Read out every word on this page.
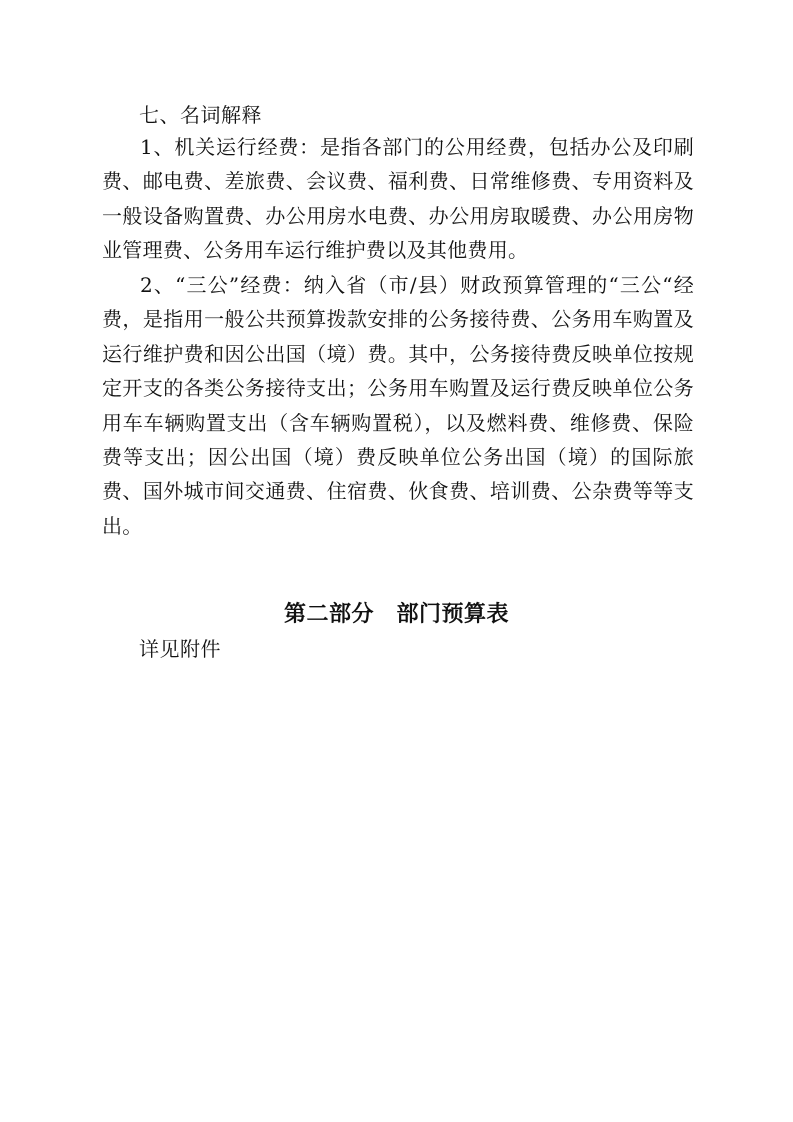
七、名词解释

1、机关运行经费：是指各部门的公用经费，包括办公及印刷费、邮电费、差旅费、会议费、福利费、日常维修费、专用资料及一般设备购置费、办公用房水电费、办公用房取暖费、办公用房物业管理费、公务用车运行维护费以及其他费用。

2、“三公”经费：纳入省（市/县）财政预算管理的“三公“经费，是指用一般公共预算拨款安排的公务接待费、公务用车购置及运行维护费和因公出国（境）费。其中，公务接待费反映单位按规定开支的各类公务接待支出；公务用车购置及运行费反映单位公务用车车辆购置支出（含车辆购置税），以及燃料费、维修费、保险费等支出；因公出国（境）费反映单位公务出国（境）的国际旅费、国外城市间交通费、住宿费、伙食费、培训费、公杂费等等支出。

第二部分　部门预算表
详见附件
